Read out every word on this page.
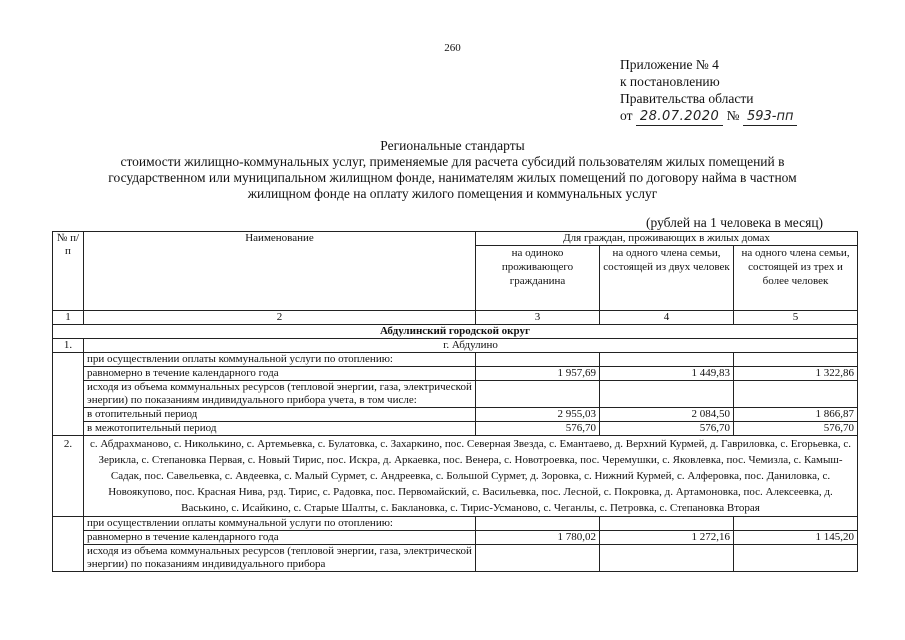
260
Приложение № 4
к постановлению
Правительства области
от 28.07.2020 № 593-пп
Региональные стандарты
стоимости жилищно-коммунальных услуг, применяемые для расчета субсидий пользователям жилых помещений в
государственном или муниципальном жилищном фонде, нанимателям жилых помещений по договору найма в частном
жилищном фонде на оплату жилого помещения и коммунальных услуг
(рублей на 1 человека в месяц)
№ п/п	Наименование	Для граждан, проживающих в жилых домах		
		на одиноко проживающего гражданина	на одного члена семьи, состоящей из двух человек	на одного члена семьи, состоящей из трех и более человек
1	2	3	4	5
Абдулинский городской округ				
1.	г. Абдулино			
	при осуществлении оплаты коммунальной услуги по отоплению:			
	равномерно в течение календарного года	1 957,69	1 449,83	1 322,86
	исходя из объема коммунальных ресурсов (тепловой энергии, газа, электрической энергии) по показаниям индивидуального прибора учета, в том числе:			
	в отопительный период	2 955,03	2 084,50	1 866,87
	в межотопительный период	576,70	576,70	576,70
2.	с. Абдрахманово, с. Николькино, с. Артемьевка, с. Булатовка, с. Захаркино, пос. Северная Звезда, с. Емантаево, д. Верхний Курмей, д. Гавриловка, с. Егорьевка, с. Зерикла, с. Степановка Первая, с. Новый Тирис, пос. Искра, д. Аркаевка, пос. Венера, с. Новотроевка, пос. Черемушки, с. Яковлевка, пос. Чемизла, с. Камыш-Садак, пос. Савельевка, с. Авдеевка, с. Малый Сурмет, с. Андреевка, с. Большой Сурмет, д. Зоровка, с. Нижний Курмей, с. Алферовка, пос. Даниловка, с. Новоякупово, пос. Красная Нива, рзд. Тирис, с. Радовка, пос. Первомайский, с. Васильевка, пос. Лесной, с. Покровка, д. Артамоновка, пос. Алексеевка, д. Васькино, с. Исайкино, с. Старые Шалты, с. Баклановка, с. Тирис-Усманово, с. Чеганлы, с. Петровка, с. Степановка Вторая			
	при осуществлении оплаты коммунальной услуги по отоплению:			
	равномерно в течение календарного года	1 780,02	1 272,16	1 145,20
	исходя из объема коммунальных ресурсов (тепловой энергии, газа, электрической энергии) по показаниям индивидуального прибора			
